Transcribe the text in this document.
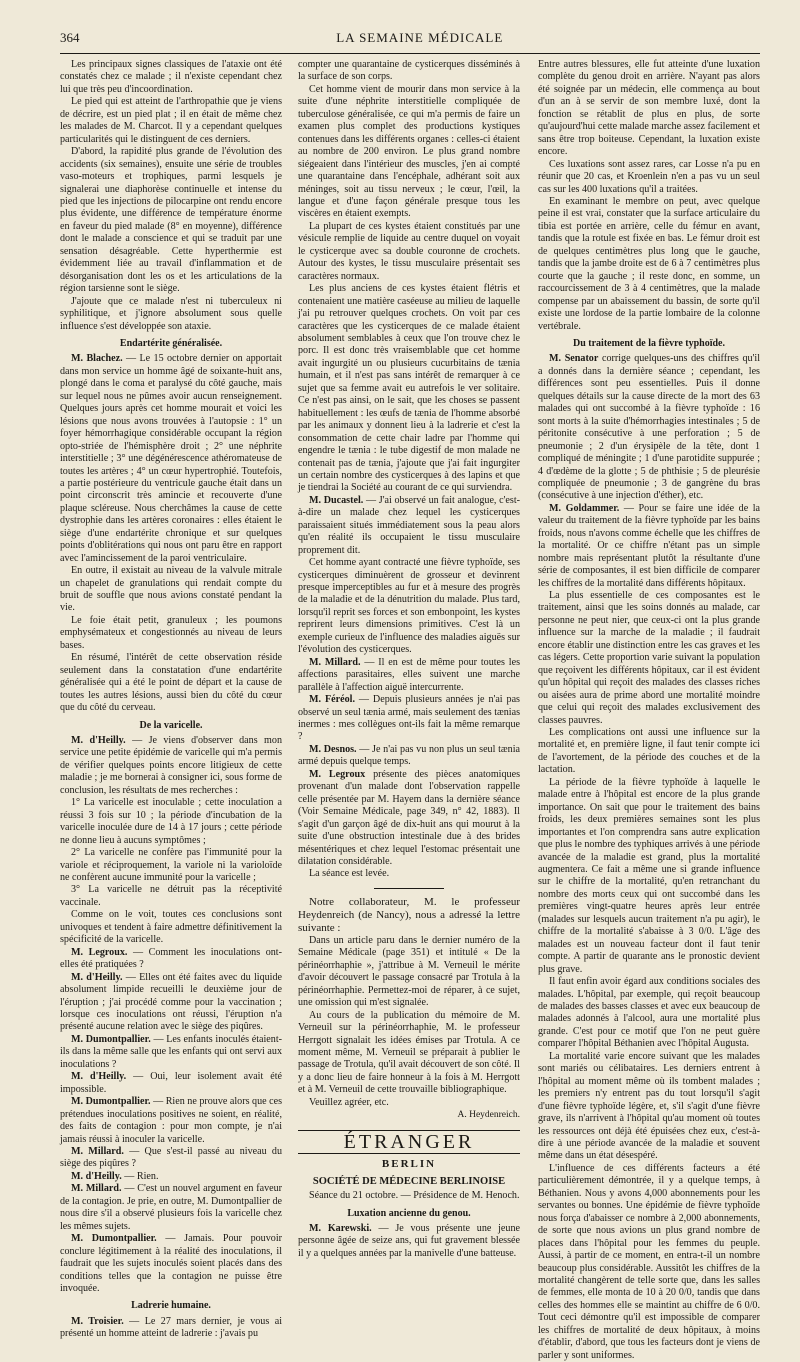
364	LA SEMAINE MÉDICALE

Les principaux signes classiques de l'ataxie ont été constatés chez ce malade ; il n'existe cependant chez lui que très peu d'incoordination.

Le pied qui est atteint de l'arthropathie que je viens de décrire, est un pied plat ; il en était de même chez les malades de M. Charcot. Il y a cependant quelques particularités qui le distinguent de ces derniers.

D'abord, la rapidité plus grande de l'évolution des accidents (six semaines), ensuite une série de troubles vaso-moteurs et trophiques, parmi lesquels je signalerai une diaphorèse continuelle et intense du pied que les injections de pilocarpine ont rendu encore plus évidente, une différence de température énorme en faveur du pied malade (8° en moyenne), différence dont le malade a conscience et qui se traduit par une sensation désagréable. Cette hyperthermie est évidemment liée au travail d'inflammation et de désorganisation dont les os et les articulations de la région tarsienne sont le siège.

J'ajoute que ce malade n'est ni tuberculeux ni syphilitique, et j'ignore absolument sous quelle influence s'est développée son ataxie.

Endartérite généralisée.

M. Blachez. — Le 15 octobre dernier on apportait dans mon service un homme âgé de soixante-huit ans, plongé dans le coma et paralysé du côté gauche, mais sur lequel nous ne pûmes avoir aucun renseignement. Quelques jours après cet homme mourait et voici les lésions que nous avons trouvées à l'autopsie : 1° un foyer hémorrhagique considérable occupant la région opto-striée de l'hémisphère droit ; 2° une néphrite interstitielle ; 3° une dégénérescence athéromateuse de toutes les artères ; 4° un cœur hypertrophié. Toutefois, a partie postérieure du ventricule gauche était dans un point circonscrit très amincie et recouverte d'une plaque scléreuse. Nous cherchâmes la cause de cette dystrophie dans les artères coronaires : elles étaient le siège d'une endartérite chronique et sur quelques points d'oblitérations qui nous ont paru être en rapport avec l'amincissement de la paroi ventriculaire.

En outre, il existait au niveau de la valvule mitrale un chapelet de granulations qui rendait compte du bruit de souffle que nous avions constaté pendant la vie.

Le foie était petit, granuleux ; les poumons emphysémateux et congestionnés au niveau de leurs bases.

En résumé, l'intérêt de cette observation réside seulement dans la constatation d'une endartérite généralisée qui a été le point de départ et la cause de toutes les autres lésions, aussi bien du côté du cœur que du côté du cerveau.

De la varicelle.

M. d'Heilly. — Je viens d'observer dans mon service une petite épidémie de varicelle qui m'a permis de vérifier quelques points encore litigieux de cette maladie ; je me bornerai à consigner ici, sous forme de conclusion, les résultats de mes recherches :

1° La varicelle est inoculable ; cette inoculation a réussi 3 fois sur 10 ; la période d'incubation de la varicelle inoculée dure de 14 à 17 jours ; cette période ne donne lieu à aucuns symptômes ;

2° La varicelle ne confère pas l'immunité pour la variole et réciproquement, la variole ni la varioloïde ne confèrent aucune immunité pour la varicelle ;

3° La varicelle ne détruit pas la réceptivité vaccinale.

Comme on le voit, toutes ces conclusions sont univoques et tendent à faire admettre définitivement la spécificité de la varicelle.

M. Legroux. — Comment les inoculations ont-elles été pratiquées ?

M. d'Heilly. — Elles ont été faites avec du liquide absolument limpide recueilli le deuxième jour de l'éruption ; j'ai procédé comme pour la vaccination ; lorsque ces inoculations ont réussi, l'éruption n'a présenté aucune relation avec le siège des piqûres.

M. Dumontpallier. — Les enfants inoculés étaient-ils dans la même salle que les enfants qui ont servi aux inoculations ?

M. d'Heilly. — Oui, leur isolement avait été impossible.

M. Dumontpallier. — Rien ne prouve alors que ces prétendues inoculations positives ne soient, en réalité, des faits de contagion : pour mon compte, je n'ai jamais réussi à inoculer la varicelle.

M. Millard. — Que s'est-il passé au niveau du siège des piqûres ?

M. d'Heilly. — Rien.

M. Millard. — C'est un nouvel argument en faveur de la contagion. Je prie, en outre, M. Dumontpallier de nous dire s'il a observé plusieurs fois la varicelle chez les mêmes sujets.

M. Dumontpallier. — Jamais. Pour pouvoir conclure légitimement à la réalité des inoculations, il faudrait que les sujets inoculés soient placés dans des conditions telles que la contagion ne puisse être invoquée.

Ladrerie humaine.

M. Troisier. — Le 27 mars dernier, je vous ai présenté un homme atteint de ladrerie : j'avais pu

compter une quarantaine de cysticerques disséminés à la surface de son corps.

Cet homme vient de mourir dans mon service à la suite d'une néphrite interstitielle compliquée de tuberculose généralisée, ce qui m'a permis de faire un examen plus complet des productions kystiques contenues dans les différents organes : celles-ci étaient au nombre de 200 environ. Le plus grand nombre siégeaient dans l'intérieur des muscles, j'en ai compté une quarantaine dans l'encéphale, adhérant soit aux méninges, soit au tissu nerveux ; le cœur, l'œil, la langue et d'une façon générale presque tous les viscères en étaient exempts.

La plupart de ces kystes étaient constitués par une vésicule remplie de liquide au centre duquel on voyait le cysticerque avec sa double couronne de crochets. Autour des kystes, le tissu musculaire présentait ses caractères normaux.

Les plus anciens de ces kystes étaient flétris et contenaient une matière caséeuse au milieu de laquelle j'ai pu retrouver quelques crochets. On voit par ces caractères que les cysticerques de ce malade étaient absolument semblables à ceux que l'on trouve chez le porc. Il est donc très vraisemblable que cet homme avait ingurgité un ou plusieurs cucurbitains de tænia humain, et il n'est pas sans intérêt de remarquer à ce sujet que sa femme avait eu autrefois le ver solitaire. Ce n'est pas ainsi, on le sait, que les choses se passent habituellement : les œufs de tænia de l'homme absorbé par les animaux y donnent lieu à la ladrerie et c'est la consommation de cette chair ladre par l'homme qui engendre le tænia : le tube digestif de mon malade ne contenait pas de tænia, j'ajoute que j'ai fait ingurgiter un certain nombre des cysticerques à des lapins et que je tiendrai la Société au courant de ce qui surviendra.

M. Ducastel. — J'ai observé un fait analogue, c'est-à-dire un malade chez lequel les cysticerques paraissaient situés immédiatement sous la peau alors qu'en réalité ils occupaient le tissu musculaire proprement dit.

Cet homme ayant contracté une fièvre typhoïde, ses cysticerques diminuèrent de grosseur et devinrent presque imperceptibles au fur et à mesure des progrès de la maladie et de la dénutrition du malade. Plus tard, lorsqu'il reprit ses forces et son embonpoint, les kystes reprirent leurs dimensions primitives. C'est là un exemple curieux de l'influence des maladies aiguës sur l'évolution des cysticerques.

M. Millard. — Il en est de même pour toutes les affections parasitaires, elles suivent une marche parallèle à l'affection aiguë intercurrente.

M. Féréol. — Depuis plusieurs années je n'ai pas observé un seul tænia armé, mais seulement des tænias inermes : mes collègues ont-ils fait la même remarque ?

M. Desnos. — Je n'ai pas vu non plus un seul tænia armé depuis quelque temps.

M. Legroux présente des pièces anatomiques provenant d'un malade dont l'observation rappelle celle présentée par M. Hayem dans la dernière séance (Voir Semaine Médicale, page 349, n° 42, 1883). Il s'agit d'un garçon âgé de dix-huit ans qui mourut à la suite d'une obstruction intestinale due à des brides mésentériques et chez lequel l'estomac présentait une dilatation considérable.

La séance est levée.

Notre collaborateur, M. le professeur Heydenreich (de Nancy), nous a adressé la lettre suivante :

Dans un article paru dans le dernier numéro de la Semaine Médicale (page 351) et intitulé « De la périnéorrhaphie », j'attribue à M. Verneuil le mérite d'avoir découvert le passage consacré par Trotula à la périnéorrhaphie. Permettez-moi de réparer, à ce sujet, une omission qui m'est signalée.

Au cours de la publication du mémoire de M. Verneuil sur la périnéorrhaphie, M. le professeur Herrgott signalait les idées émises par Trotula. A ce moment même, M. Verneuil se préparait à publier le passage de Trotula, qu'il avait découvert de son côté. Il y a donc lieu de faire honneur à la fois à M. Herrgott et à M. Verneuil de cette trouvaille bibliographique.

Veuillez agréer, etc.

A. Heydenreich.
ÉTRANGER
BERLIN
SOCIÉTÉ DE MÉDECINE BERLINOISE

Séance du 21 octobre. — Présidence de M. Henoch.

Luxation ancienne du genou.

M. Karewski. — Je vous présente une jeune personne âgée de seize ans, qui fut gravement blessée il y a quelques années par la manivelle d'une batteuse.

Entre autres blessures, elle fut atteinte d'une luxation complète du genou droit en arrière. N'ayant pas alors été soignée par un médecin, elle commença au bout d'un an à se servir de son membre luxé, dont la fonction se rétablit de plus en plus, de sorte qu'aujourd'hui cette malade marche assez facilement et sans être trop boiteuse. Cependant, la luxation existe encore.

Ces luxations sont assez rares, car Losse n'a pu en réunir que 20 cas, et Kroenlein n'en a pas vu un seul cas sur les 400 luxations qu'il a traitées.

En examinant le membre on peut, avec quelque peine il est vrai, constater que la surface articulaire du tibia est portée en arrière, celle du fémur en avant, tandis que la rotule est fixée en bas. Le fémur droit est de quelques centimètres plus long que le gauche, tandis que la jambe droite est de 6 à 7 centimètres plus courte que la gauche ; il reste donc, en somme, un raccourcissement de 3 à 4 centimètres, que la malade compense par un abaissement du bassin, de sorte qu'il existe une lordose de la partie lombaire de la colonne vertébrale.

Du traitement de la fièvre typhoïde.

M. Senator corrige quelques-uns des chiffres qu'il a donnés dans la dernière séance ; cependant, les différences sont peu essentielles. Puis il donne quelques détails sur la cause directe de la mort des 63 malades qui ont succombé à la fièvre typhoïde : 16 sont morts à la suite d'hémorrhagies intestinales ; 5 de péritonite consécutive à une perforation ; 5 de pneumonie ; 2 d'un érysipèle de la tête, dont 1 compliqué de méningite ; 1 d'une parotidite suppurée ; 4 d'œdème de la glotte ; 5 de phthisie ; 5 de pleurésie compliquée de pneumonie ; 3 de gangrène du bras (consécutive à une injection d'éther), etc.

M. Goldammer. — Pour se faire une idée de la valeur du traitement de la fièvre typhoïde par les bains froids, nous n'avons comme échelle que les chiffres de la mortalité. Or ce chiffre n'étant pas un simple nombre mais représentant plutôt la résultante d'une série de composantes, il est bien difficile de comparer les chiffres de la mortalité dans différents hôpitaux.

La plus essentielle de ces composantes est le traitement, ainsi que les soins donnés au malade, car personne ne peut nier, que ceux-ci ont la plus grande influence sur la marche de la maladie ; il faudrait encore établir une distinction entre les cas graves et les cas légers. Cette proportion varie suivant la population que reçoivent les différents hôpitaux, car il est évident qu'un hôpital qui reçoit des malades des classes riches ou aisées aura de prime abord une mortalité moindre que celui qui reçoit des malades exclusivement des classes pauvres.

Les complications ont aussi une influence sur la mortalité et, en première ligne, il faut tenir compte ici de l'avortement, de la période des couches et de la lactation.

La période de la fièvre typhoïde à laquelle le malade entre à l'hôpital est encore de la plus grande importance. On sait que pour le traitement des bains froids, les deux premières semaines sont les plus importantes et l'on comprendra sans autre explication que plus le nombre des typhiques arrivés à une période avancée de la maladie est grand, plus la mortalité augmentera. Ce fait a même une si grande influence sur le chiffre de la mortalité, qu'en retranchant du nombre des morts ceux qui ont succombé dans les premières vingt-quatre heures après leur entrée (malades sur lesquels aucun traitement n'a pu agir), le chiffre de la mortalité s'abaisse à 3 0/0. L'âge des malades est un nouveau facteur dont il faut tenir compte. A partir de quarante ans le pronostic devient plus grave.

Il faut enfin avoir égard aux conditions sociales des malades. L'hôpital, par exemple, qui reçoit beaucoup de malades des basses classes et avec eux beaucoup de malades adonnés à l'alcool, aura une mortalité plus grande. C'est pour ce motif que l'on ne peut guère comparer l'hôpital Béthanien avec l'hôpital Augusta.

La mortalité varie encore suivant que les malades sont mariés ou célibataires. Les derniers entrent à l'hôpital au moment même où ils tombent malades ; les premiers n'y entrent pas du tout lorsqu'il s'agit d'une fièvre typhoïde légère, et, s'il s'agit d'une fièvre grave, ils n'arrivent à l'hôpital qu'au moment où toutes les ressources ont déjà été épuisées chez eux, c'est-à-dire à une période avancée de la maladie et souvent même dans un état désespéré.

L'influence de ces différents facteurs a été particulièrement démontrée, il y a quelque temps, à Béthanien. Nous y avons 4,000 abonnements pour les servantes ou bonnes. Une épidémie de fièvre typhoïde nous força d'abaisser ce nombre à 2,000 abonnements, de sorte que nous avions un plus grand nombre de places dans l'hôpital pour les femmes du peuple. Aussi, à partir de ce moment, en entra-t-il un nombre beaucoup plus considérable. Aussitôt les chiffres de la mortalité changèrent de telle sorte que, dans les salles de femmes, elle monta de 10 à 20 0/0, tandis que dans celles des hommes elle se maintint au chiffre de 6 0/0. Tout ceci démontre qu'il est impossible de comparer les chiffres de mortalité de deux hôpitaux, à moins d'établir, d'abord, que tous les facteurs dont je viens de parler y sont uniformes.
